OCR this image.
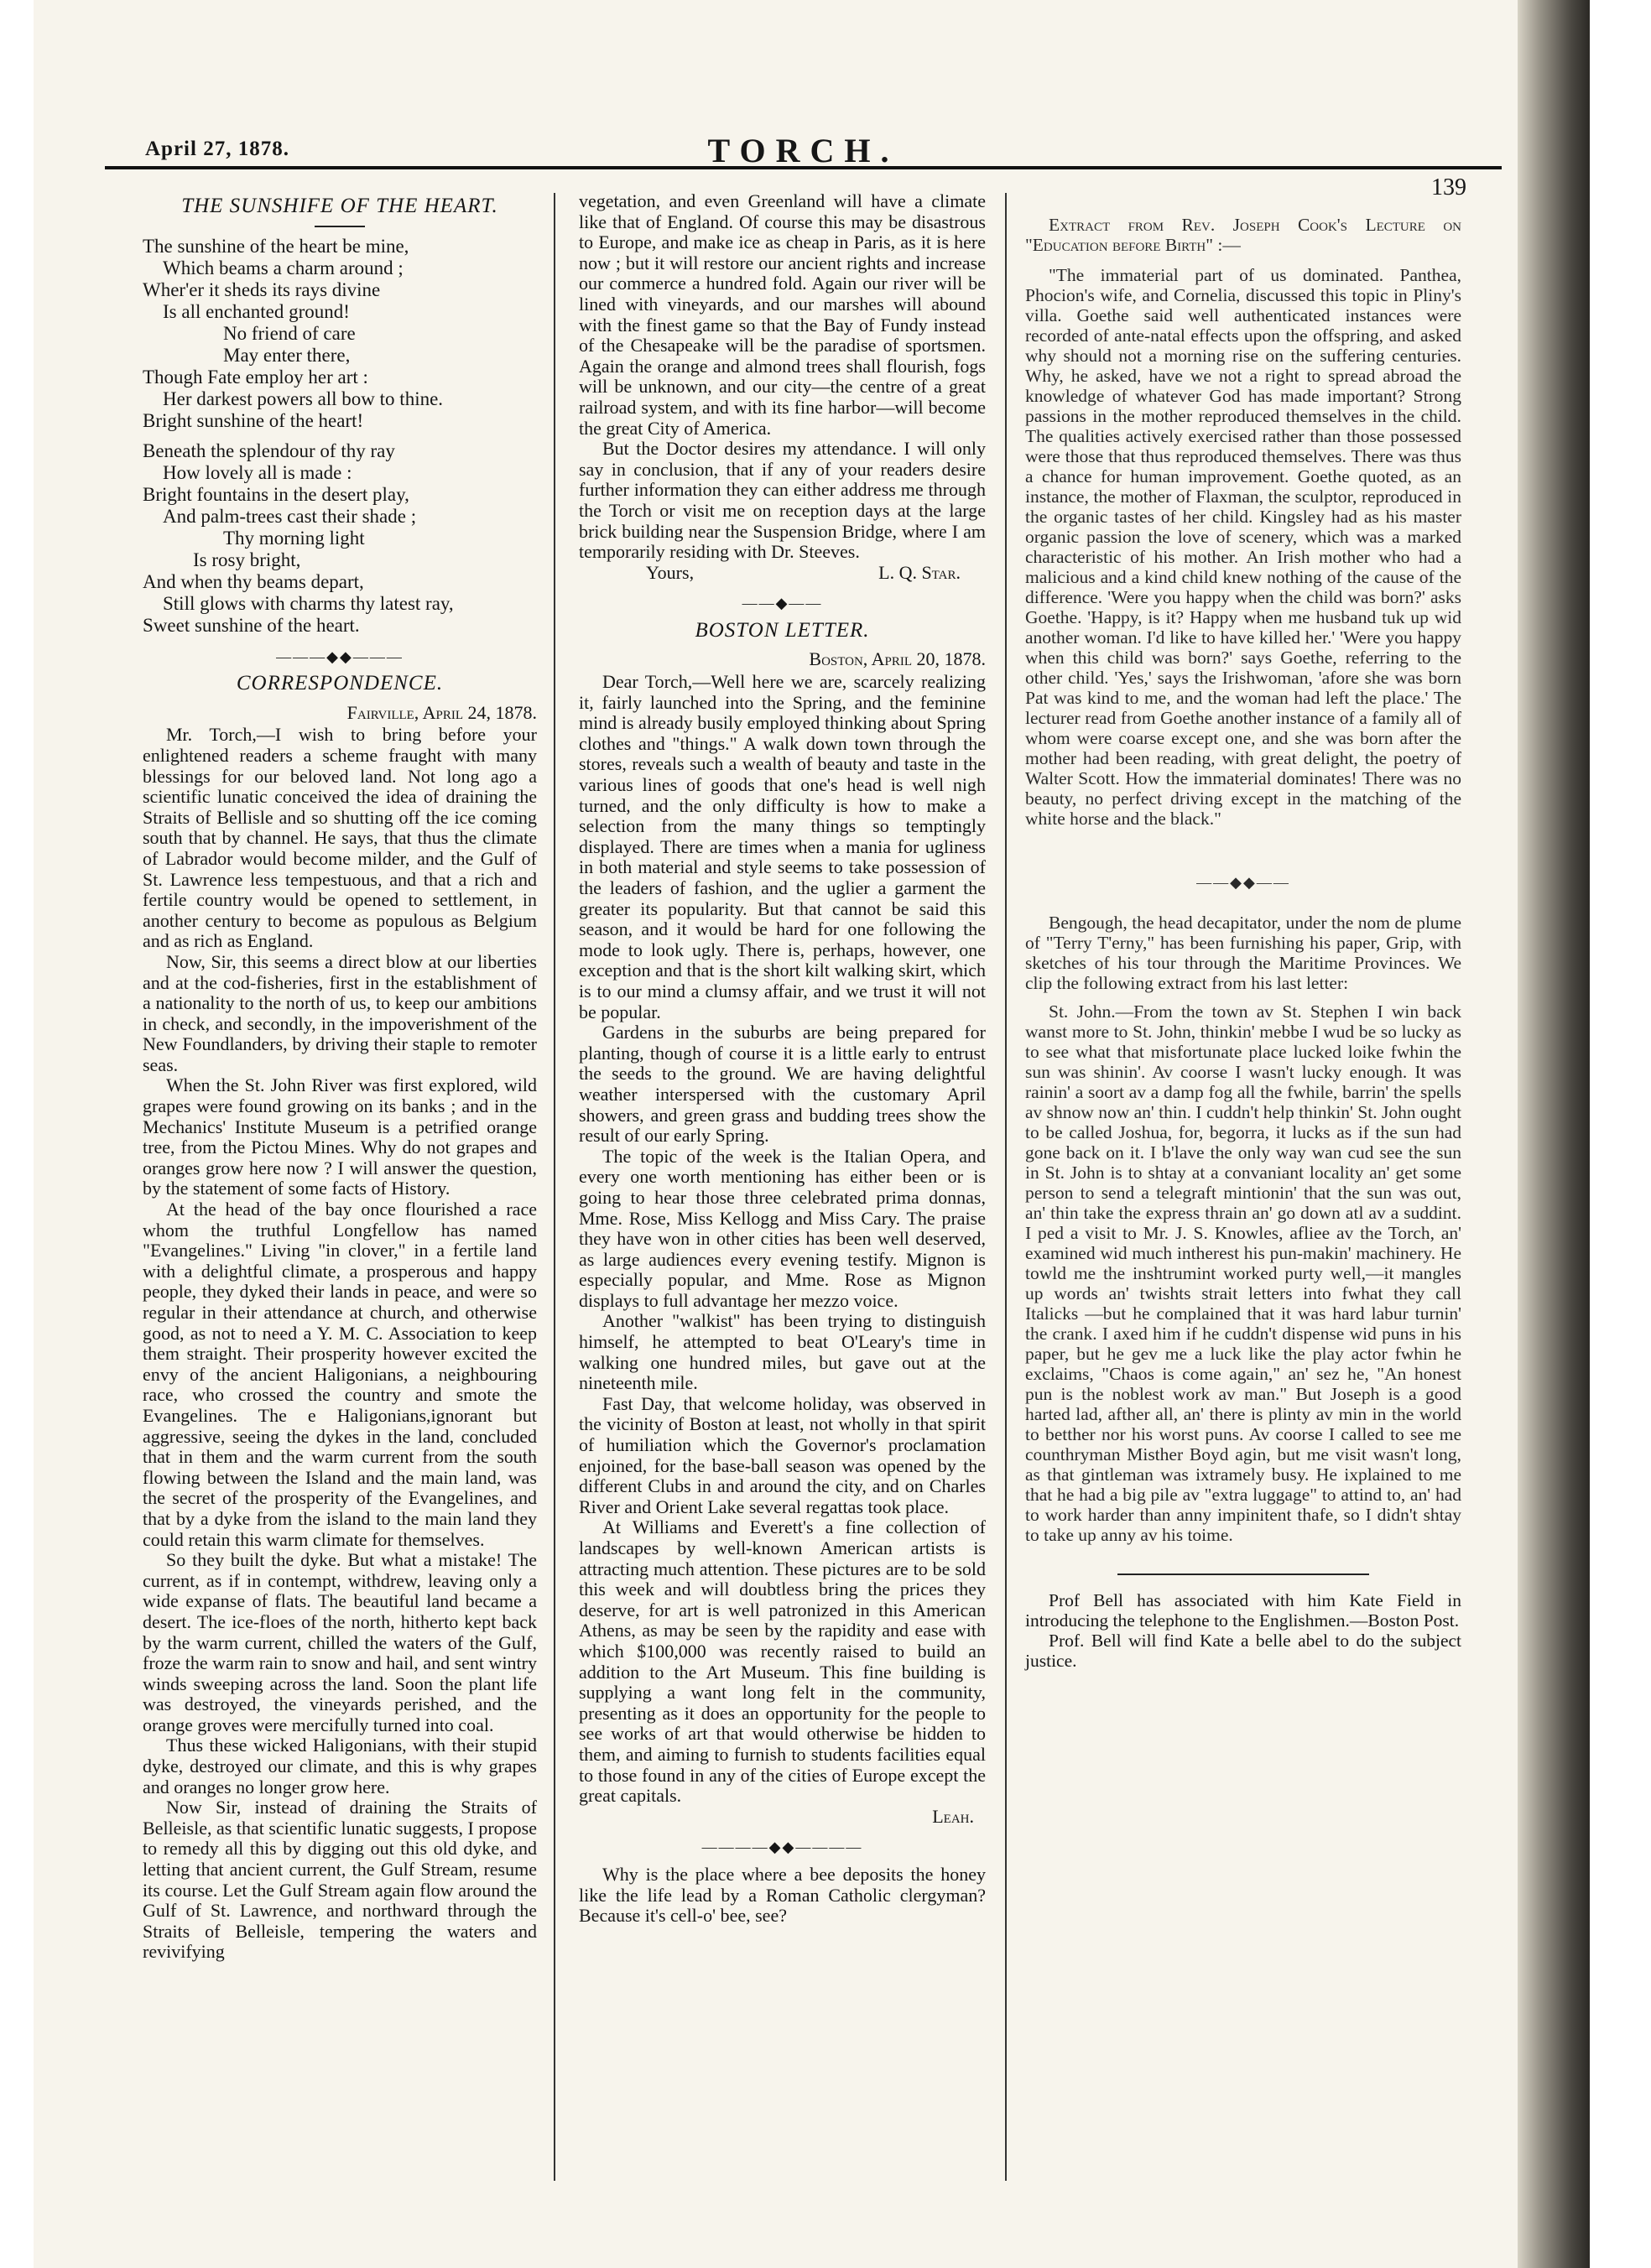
April 27, 1878.	TORCH.
139
THE SUNSHIFE OF THE HEART.
The sunshine of the heart be mine,
Which beams a charm around ;
Wher'er it sheds its rays divine
Is all enchanted ground!
No friend of care
May enter there,
Though Fate employ her art :
Her darkest powers all bow to thine.
Bright sunshine of the heart!
Beneath the splendour of thy ray
How lovely all is made :
Bright fountains in the desert play,
And palm-trees cast their shade ;
Thy morning light
Is rosy bright,
And when thy beams depart,
Still glows with charms thy latest ray,
Sweet sunshine of the heart.
———◆◆———
CORRESPONDENCE.
Fairville, April 24, 1878.

Mr. Torch,—I wish to bring before your enlightened readers a scheme fraught with many blessings for our beloved land. Not long ago a scientific lunatic conceived the idea of draining the Straits of Bellisle and so shutting off the ice coming south that by channel. He says, that thus the climate of Labrador would become milder, and the Gulf of St. Lawrence less tempestuous, and that a rich and fertile country would be opened to settlement, in another century to become as populous as Belgium and as rich as England.

Now, Sir, this seems a direct blow at our liberties and at the cod-fisheries, first in the establishment of a nationality to the north of us, to keep our ambitions in check, and secondly, in the impoverishment of the New Foundlanders, by driving their staple to remoter seas.

When the St. John River was first explored, wild grapes were found growing on its banks ; and in the Mechanics' Institute Museum is a petrified orange tree, from the Pictou Mines. Why do not grapes and oranges grow here now ? I will answer the question, by the statement of some facts of History.

At the head of the bay once flourished a race whom the truthful Longfellow has named "Evangelines." Living "in clover," in a fertile land with a delightful climate, a prosperous and happy people, they dyked their lands in peace, and were so regular in their attendance at church, and otherwise good, as not to need a Y. M. C. Association to keep them straight. Their prosperity however excited the envy of the ancient Haligonians, a neighbouring race, who crossed the country and smote the Evangelines. The e Haligonians,ignorant but aggressive, seeing the dykes in the land, concluded that in them and the warm current from the south flowing between the Island and the main land, was the secret of the prosperity of the Evangelines, and that by a dyke from the island to the main land they could retain this warm climate for themselves.

So they built the dyke. But what a mistake! The current, as if in contempt, withdrew, leaving only a wide expanse of flats. The beautiful land became a desert. The ice-floes of the north, hitherto kept back by the warm current, chilled the waters of the Gulf, froze the warm rain to snow and hail, and sent wintry winds sweeping across the land. Soon the plant life was destroyed, the vineyards perished, and the orange groves were mercifully turned into coal.

Thus these wicked Haligonians, with their stupid dyke, destroyed our climate, and this is why grapes and oranges no longer grow here.

Now Sir, instead of draining the Straits of Belleisle, as that scientific lunatic suggests, I propose to remedy all this by digging out this old dyke, and letting that ancient current, the Gulf Stream, resume its course. Let the Gulf Stream again flow around the Gulf of St. Lawrence, and northward through the Straits of Belleisle, tempering the waters and revivifying

vegetation, and even Greenland will have a climate like that of England. Of course this may be disastrous to Europe, and make ice as cheap in Paris, as it is here now ; but it will restore our ancient rights and increase our commerce a hundred fold. Again our river will be lined with vineyards, and our marshes will abound with the finest game so that the Bay of Fundy instead of the Chesapeake will be the paradise of sportsmen. Again the orange and almond trees shall flourish, fogs will be unknown, and our city—the centre of a great railroad system, and with its fine harbor—will become the great City of America.

But the Doctor desires my attendance. I will only say in conclusion, that if any of your readers desire further information they can either address me through the Torch or visit me on reception days at the large brick building near the Suspension Bridge, where I am temporarily residing with Dr. Steeves.

Yours,	L. Q. Star.
——◆——
BOSTON LETTER.
Boston, April 20, 1878.

Dear Torch,—Well here we are, scarcely realizing it, fairly launched into the Spring, and the feminine mind is already busily employed thinking about Spring clothes and "things." A walk down town through the stores, reveals such a wealth of beauty and taste in the various lines of goods that one's head is well nigh turned, and the only difficulty is how to make a selection from the many things so temptingly displayed. There are times when a mania for ugliness in both material and style seems to take possession of the leaders of fashion, and the uglier a garment the greater its popularity. But that cannot be said this season, and it would be hard for one following the mode to look ugly. There is, perhaps, however, one exception and that is the short kilt walking skirt, which is to our mind a clumsy affair, and we trust it will not be popular.

Gardens in the suburbs are being prepared for planting, though of course it is a little early to entrust the seeds to the ground. We are having delightful weather interspersed with the customary April showers, and green grass and budding trees show the result of our early Spring.

The topic of the week is the Italian Opera, and every one worth mentioning has either been or is going to hear those three celebrated prima donnas, Mme. Rose, Miss Kellogg and Miss Cary. The praise they have won in other cities has been well deserved, as large audiences every evening testify. Mignon is especially popular, and Mme. Rose as Mignon displays to full advantage her mezzo voice.

Another "walkist" has been trying to distinguish himself, he attempted to beat O'Leary's time in walking one hundred miles, but gave out at the nineteenth mile.

Fast Day, that welcome holiday, was observed in the vicinity of Boston at least, not wholly in that spirit of humiliation which the Governor's proclamation enjoined, for the base-ball season was opened by the different Clubs in and around the city, and on Charles River and Orient Lake several regattas took place.

At Williams and Everett's a fine collection of landscapes by well-known American artists is attracting much attention. These pictures are to be sold this week and will doubtless bring the prices they deserve, for art is well patronized in this American Athens, as may be seen by the rapidity and ease with which $100,000 was recently raised to build an addition to the Art Museum. This fine building is supplying a want long felt in the community, presenting as it does an opportunity for the people to see works of art that would otherwise be hidden to them, and aiming to furnish to students facilities equal to those found in any of the cities of Europe except the great capitals.

Leah.
————◆◆————

Why is the place where a bee deposits the honey like the life lead by a Roman Catholic clergyman? Because it's cell-o' bee, see?

Extract from Rev. Joseph Cook's Lecture on "Education before Birth" :—

"The immaterial part of us dominated. Panthea, Phocion's wife, and Cornelia, discussed this topic in Pliny's villa. Goethe said well authenticated instances were recorded of ante-natal effects upon the offspring, and asked why should not a morning rise on the suffering centuries. Why, he asked, have we not a right to spread abroad the knowledge of whatever God has made important? Strong passions in the mother reproduced themselves in the child. The qualities actively exercised rather than those possessed were those that thus reproduced themselves. There was thus a chance for human improvement. Goethe quoted, as an instance, the mother of Flaxman, the sculptor, reproduced in the organic tastes of her child. Kingsley had as his master organic passion the love of scenery, which was a marked characteristic of his mother. An Irish mother who had a malicious and a kind child knew nothing of the cause of the difference. 'Were you happy when the child was born?' asks Goethe. 'Happy, is it? Happy when me husband tuk up wid another woman. I'd like to have killed her.' 'Were you happy when this child was born?' says Goethe, referring to the other child. 'Yes,' says the Irishwoman, 'afore she was born Pat was kind to me, and the woman had left the place.' The lecturer read from Goethe another instance of a family all of whom were coarse except one, and she was born after the mother had been reading, with great delight, the poetry of Walter Scott. How the immaterial dominates! There was no beauty, no perfect driving except in the matching of the white horse and the black."

——◆◆——

Bengough, the head decapitator, under the nom de plume of "Terry T'erny," has been furnishing his paper, Grip, with sketches of his tour through the Maritime Provinces. We clip the following extract from his last letter:

St. John.—From the town av St. Stephen I win back wanst more to St. John, thinkin' mebbe I wud be so lucky as to see what that misfortunate place lucked loike fwhin the sun was shinin'. Av coorse I wasn't lucky enough. It was rainin' a soort av a damp fog all the fwhile, barrin' the spells av shnow now an' thin. I cuddn't help thinkin' St. John ought to be called Joshua, for, begorra, it lucks as if the sun had gone back on it. I b'lave the only way wan cud see the sun in St. John is to shtay at a convaniant locality an' get some person to send a telegraft mintionin' that the sun was out, an' thin take the express thrain an' go down atl av a suddint. I ped a visit to Mr. J. S. Knowles, afliee av the Torch, an' examined wid much intherest his pun-makin' machinery. He towld me the inshtrumint worked purty well,—it mangles up words an' twishts strait letters into fwhat they call Italicks —but he complained that it was hard labur turnin' the crank. I axed him if he cuddn't dispense wid puns in his paper, but he gev me a luck like the play actor fwhin he exclaims, "Chaos is come again," an' sez he, "An honest pun is the noblest work av man." But Joseph is a good harted lad, afther all, an' there is plinty av min in the world to betther nor his worst puns. Av coorse I called to see me counthryman Misther Boyd agin, but me visit wasn't long, as that gintleman was ixtramely busy. He ixplained to me that he had a big pile av "extra luggage" to attind to, an' had to work harder than anny impinitent thafe, so I didn't shtay to take up anny av his toime.

Prof Bell has associated with him Kate Field in introducing the telephone to the Englishmen.—Boston Post.

Prof. Bell will find Kate a belle abel to do the subject justice.
